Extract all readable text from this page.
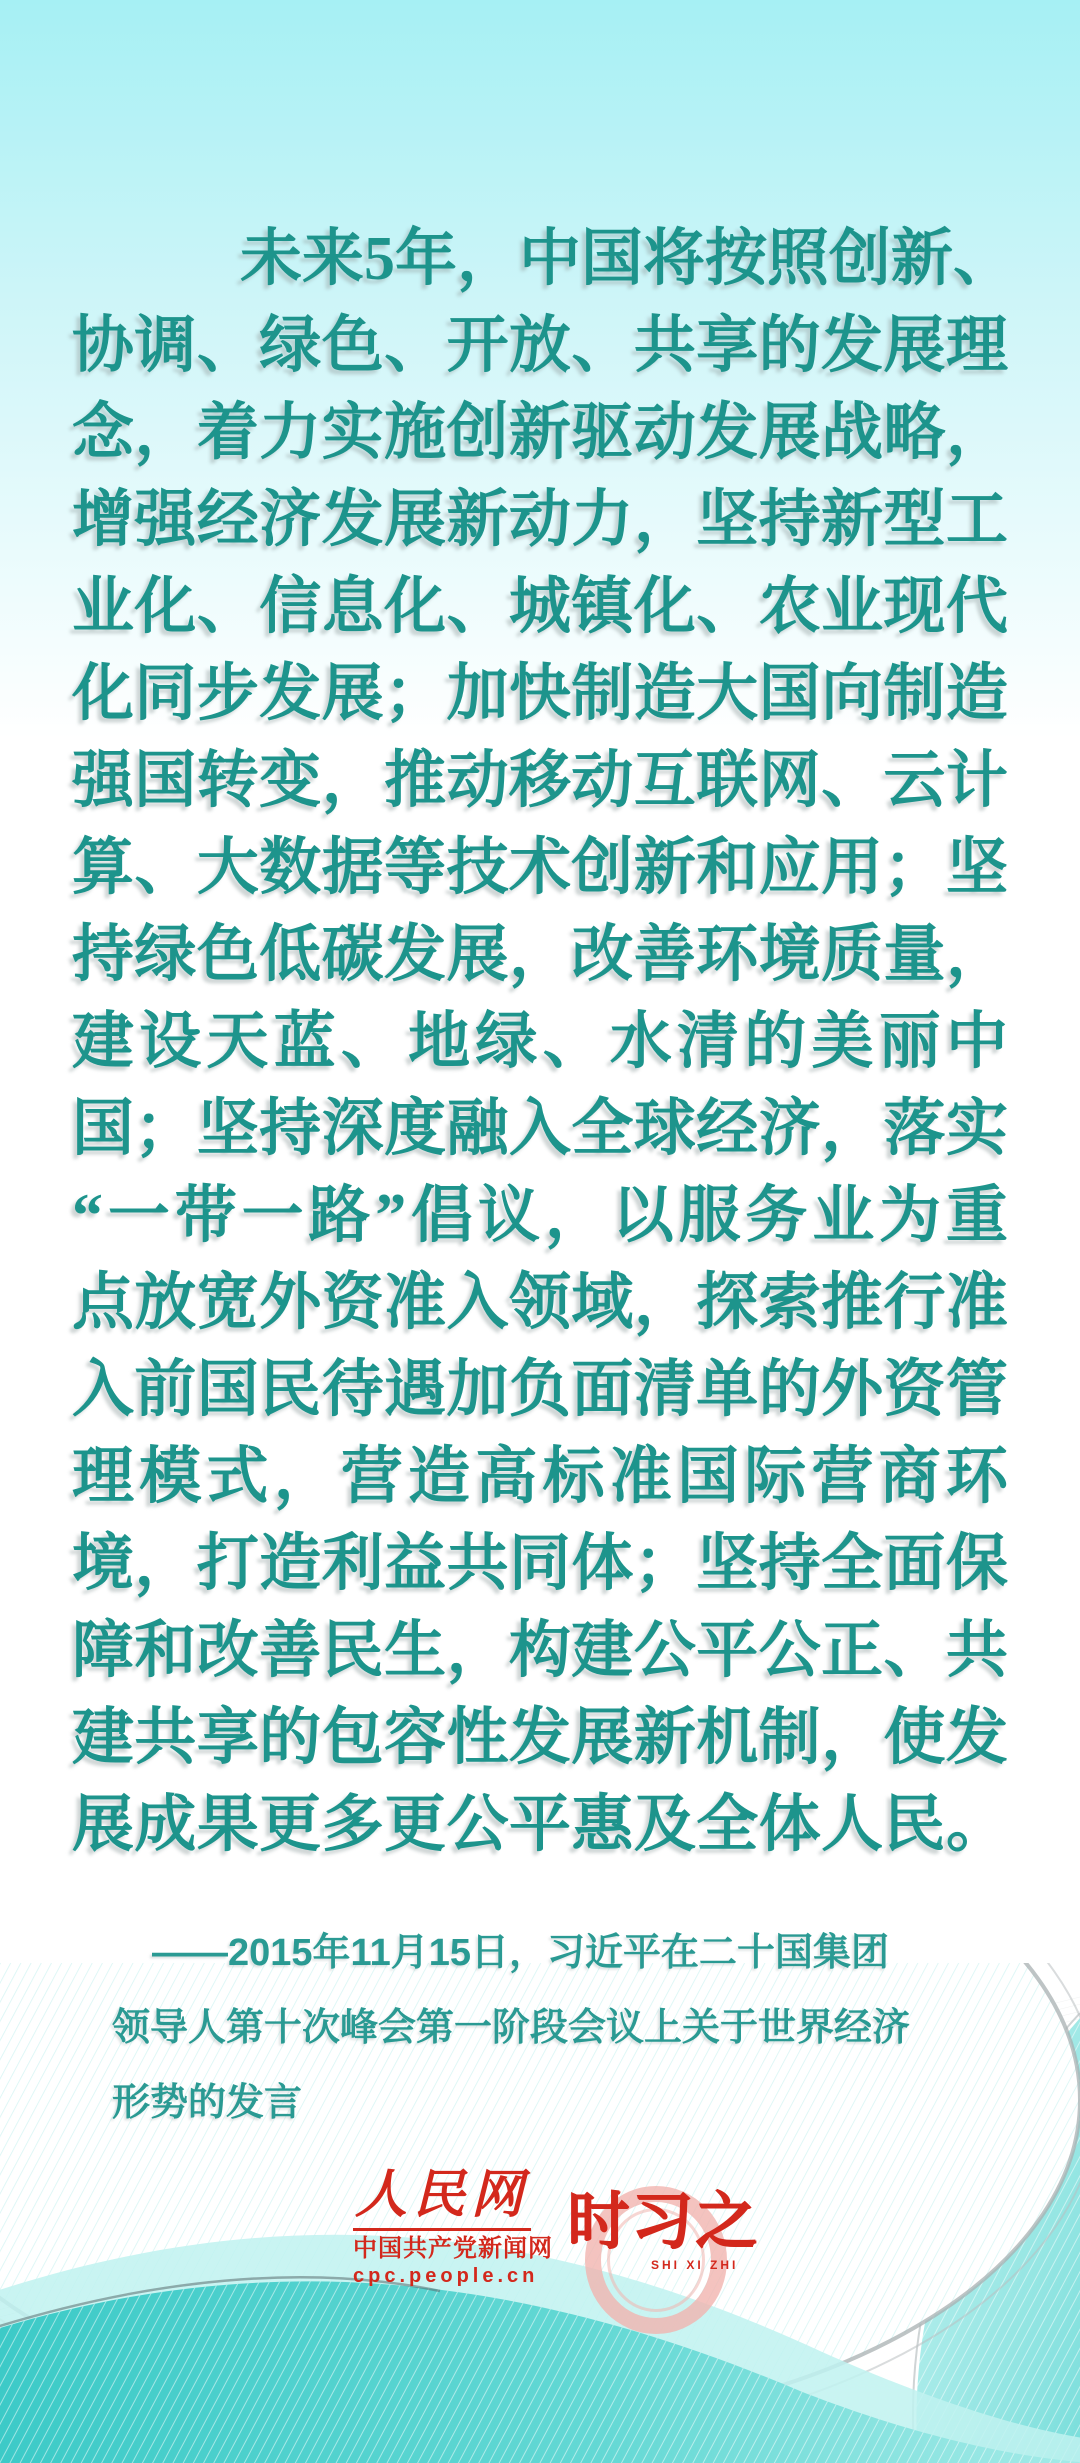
未来5年，中国将按照创新、
协调、绿色、开放、共享的发展理
念，着力实施创新驱动发展战略，
增强经济发展新动力，坚持新型工
业化、信息化、城镇化、农业现代
化同步发展；加快制造大国向制造
强国转变，推动移动互联网、云计
算、大数据等技术创新和应用；坚
持绿色低碳发展，改善环境质量，
建设天蓝、地绿、水清的美丽中
国；坚持深度融入全球经济，落实
“一带一路”倡议，以服务业为重
点放宽外资准入领域，探索推行准
入前国民待遇加负面清单的外资管
理模式，营造高标准国际营商环
境，打造利益共同体；坚持全面保
障和改善民生，构建公平公正、共
建共享的包容性发展新机制，使发
展成果更多更公平惠及全体人民。
——2015年11月15日，习近平在二十国集团
领导人第十次峰会第一阶段会议上关于世界经济
形势的发言
人民网
中国共产党新闻网
cpc.people.cn
时习之
SHI XI ZHI
